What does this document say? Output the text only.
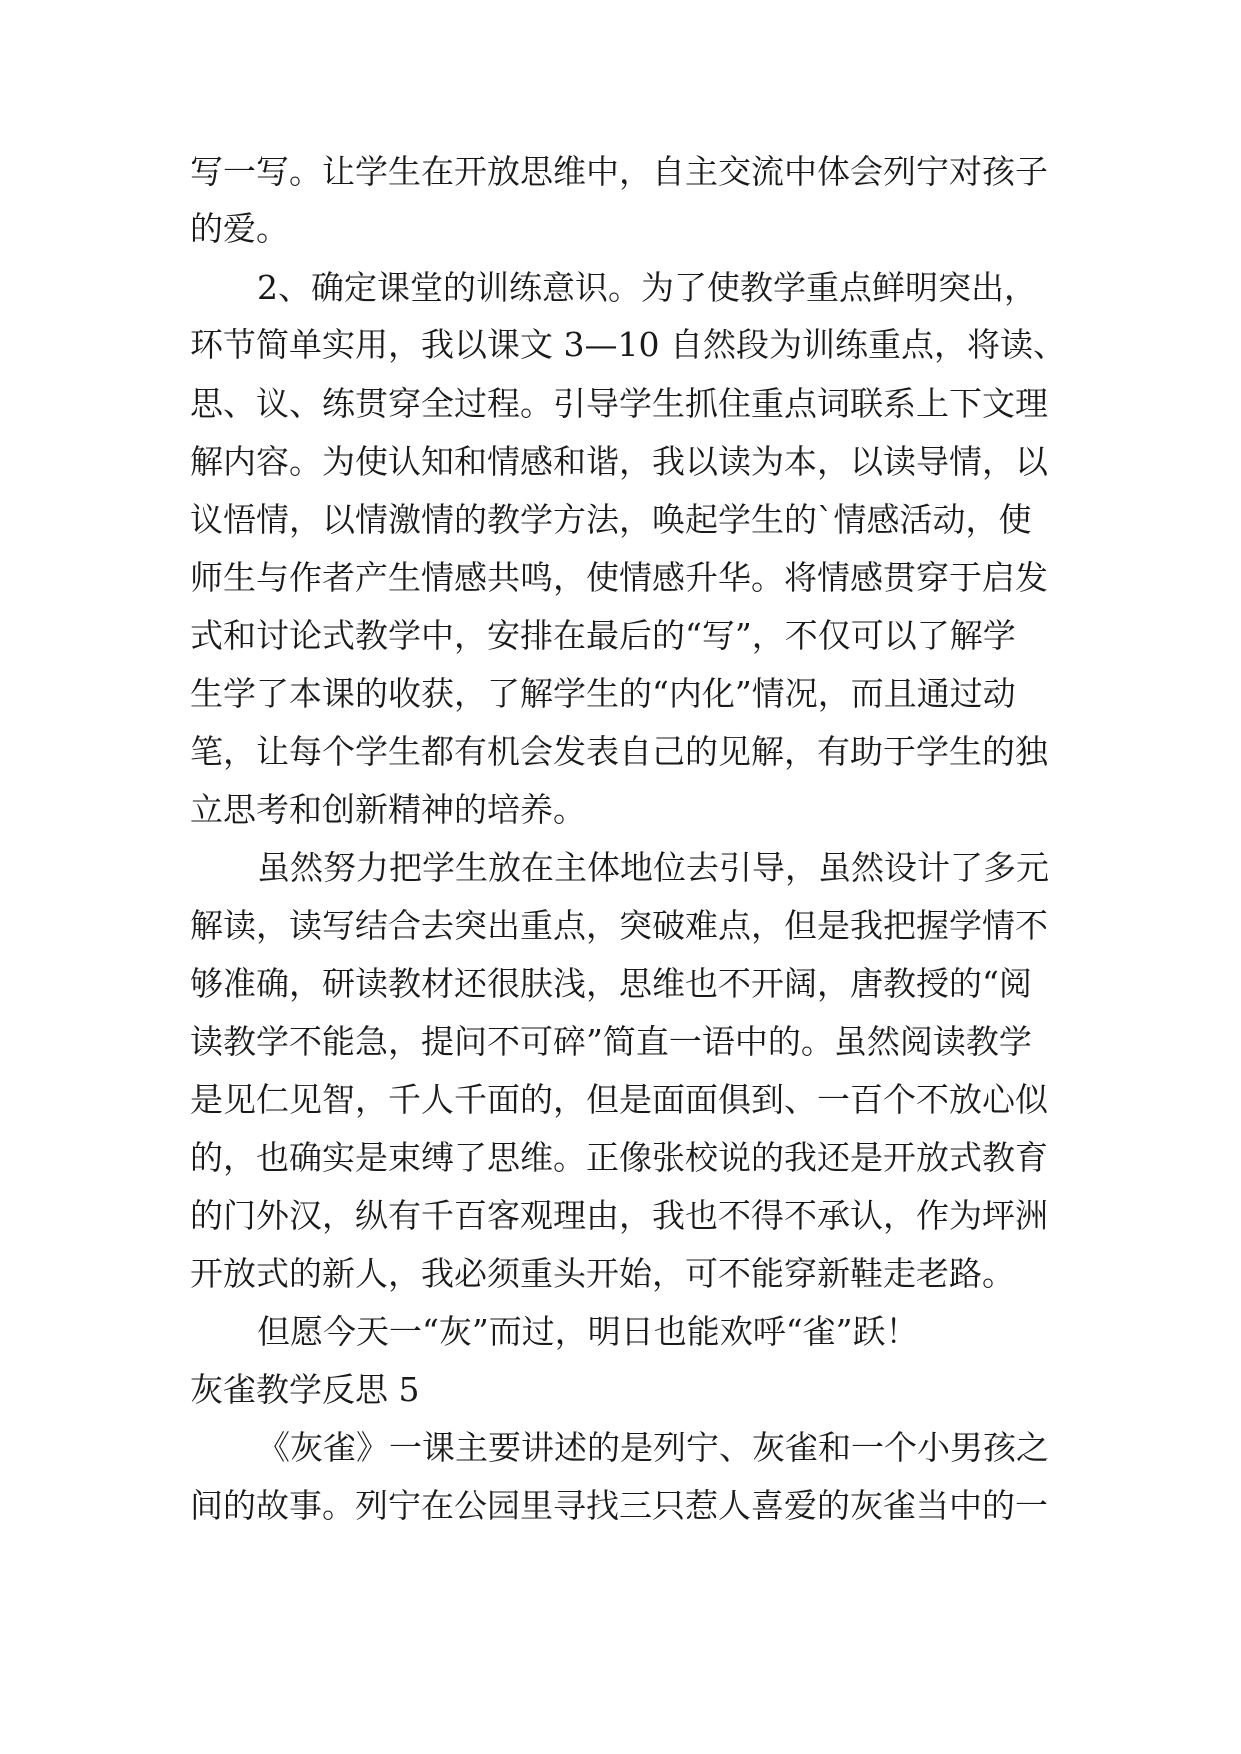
写一写。让学生在开放思维中，自主交流中体会列宁对孩子
的爱。
2、确定课堂的训练意识。为了使教学重点鲜明突出，
环节简单实用，我以课文 3—10 自然段为训练重点，将读、
思、议、练贯穿全过程。引导学生抓住重点词联系上下文理
解内容。为使认知和情感和谐，我以读为本，以读导情，以
议悟情，以情激情的教学方法，唤起学生的`情感活动，使
师生与作者产生情感共鸣，使情感升华。将情感贯穿于启发
式和讨论式教学中，安排在最后的“写”，不仅可以了解学
生学了本课的收获，了解学生的“内化”情况，而且通过动
笔，让每个学生都有机会发表自己的见解，有助于学生的独
立思考和创新精神的培养。
虽然努力把学生放在主体地位去引导，虽然设计了多元
解读，读写结合去突出重点，突破难点，但是我把握学情不
够准确，研读教材还很肤浅，思维也不开阔，唐教授的“阅
读教学不能急，提问不可碎”简直一语中的。虽然阅读教学
是见仁见智，千人千面的，但是面面俱到、一百个不放心似
的，也确实是束缚了思维。正像张校说的我还是开放式教育
的门外汉，纵有千百客观理由，我也不得不承认，作为坪洲
开放式的新人，我必须重头开始，可不能穿新鞋走老路。
但愿今天一“灰”而过，明日也能欢呼“雀”跃！
灰雀教学反思 5
《灰雀》一课主要讲述的是列宁、灰雀和一个小男孩之
间的故事。列宁在公园里寻找三只惹人喜爱的灰雀当中的一
